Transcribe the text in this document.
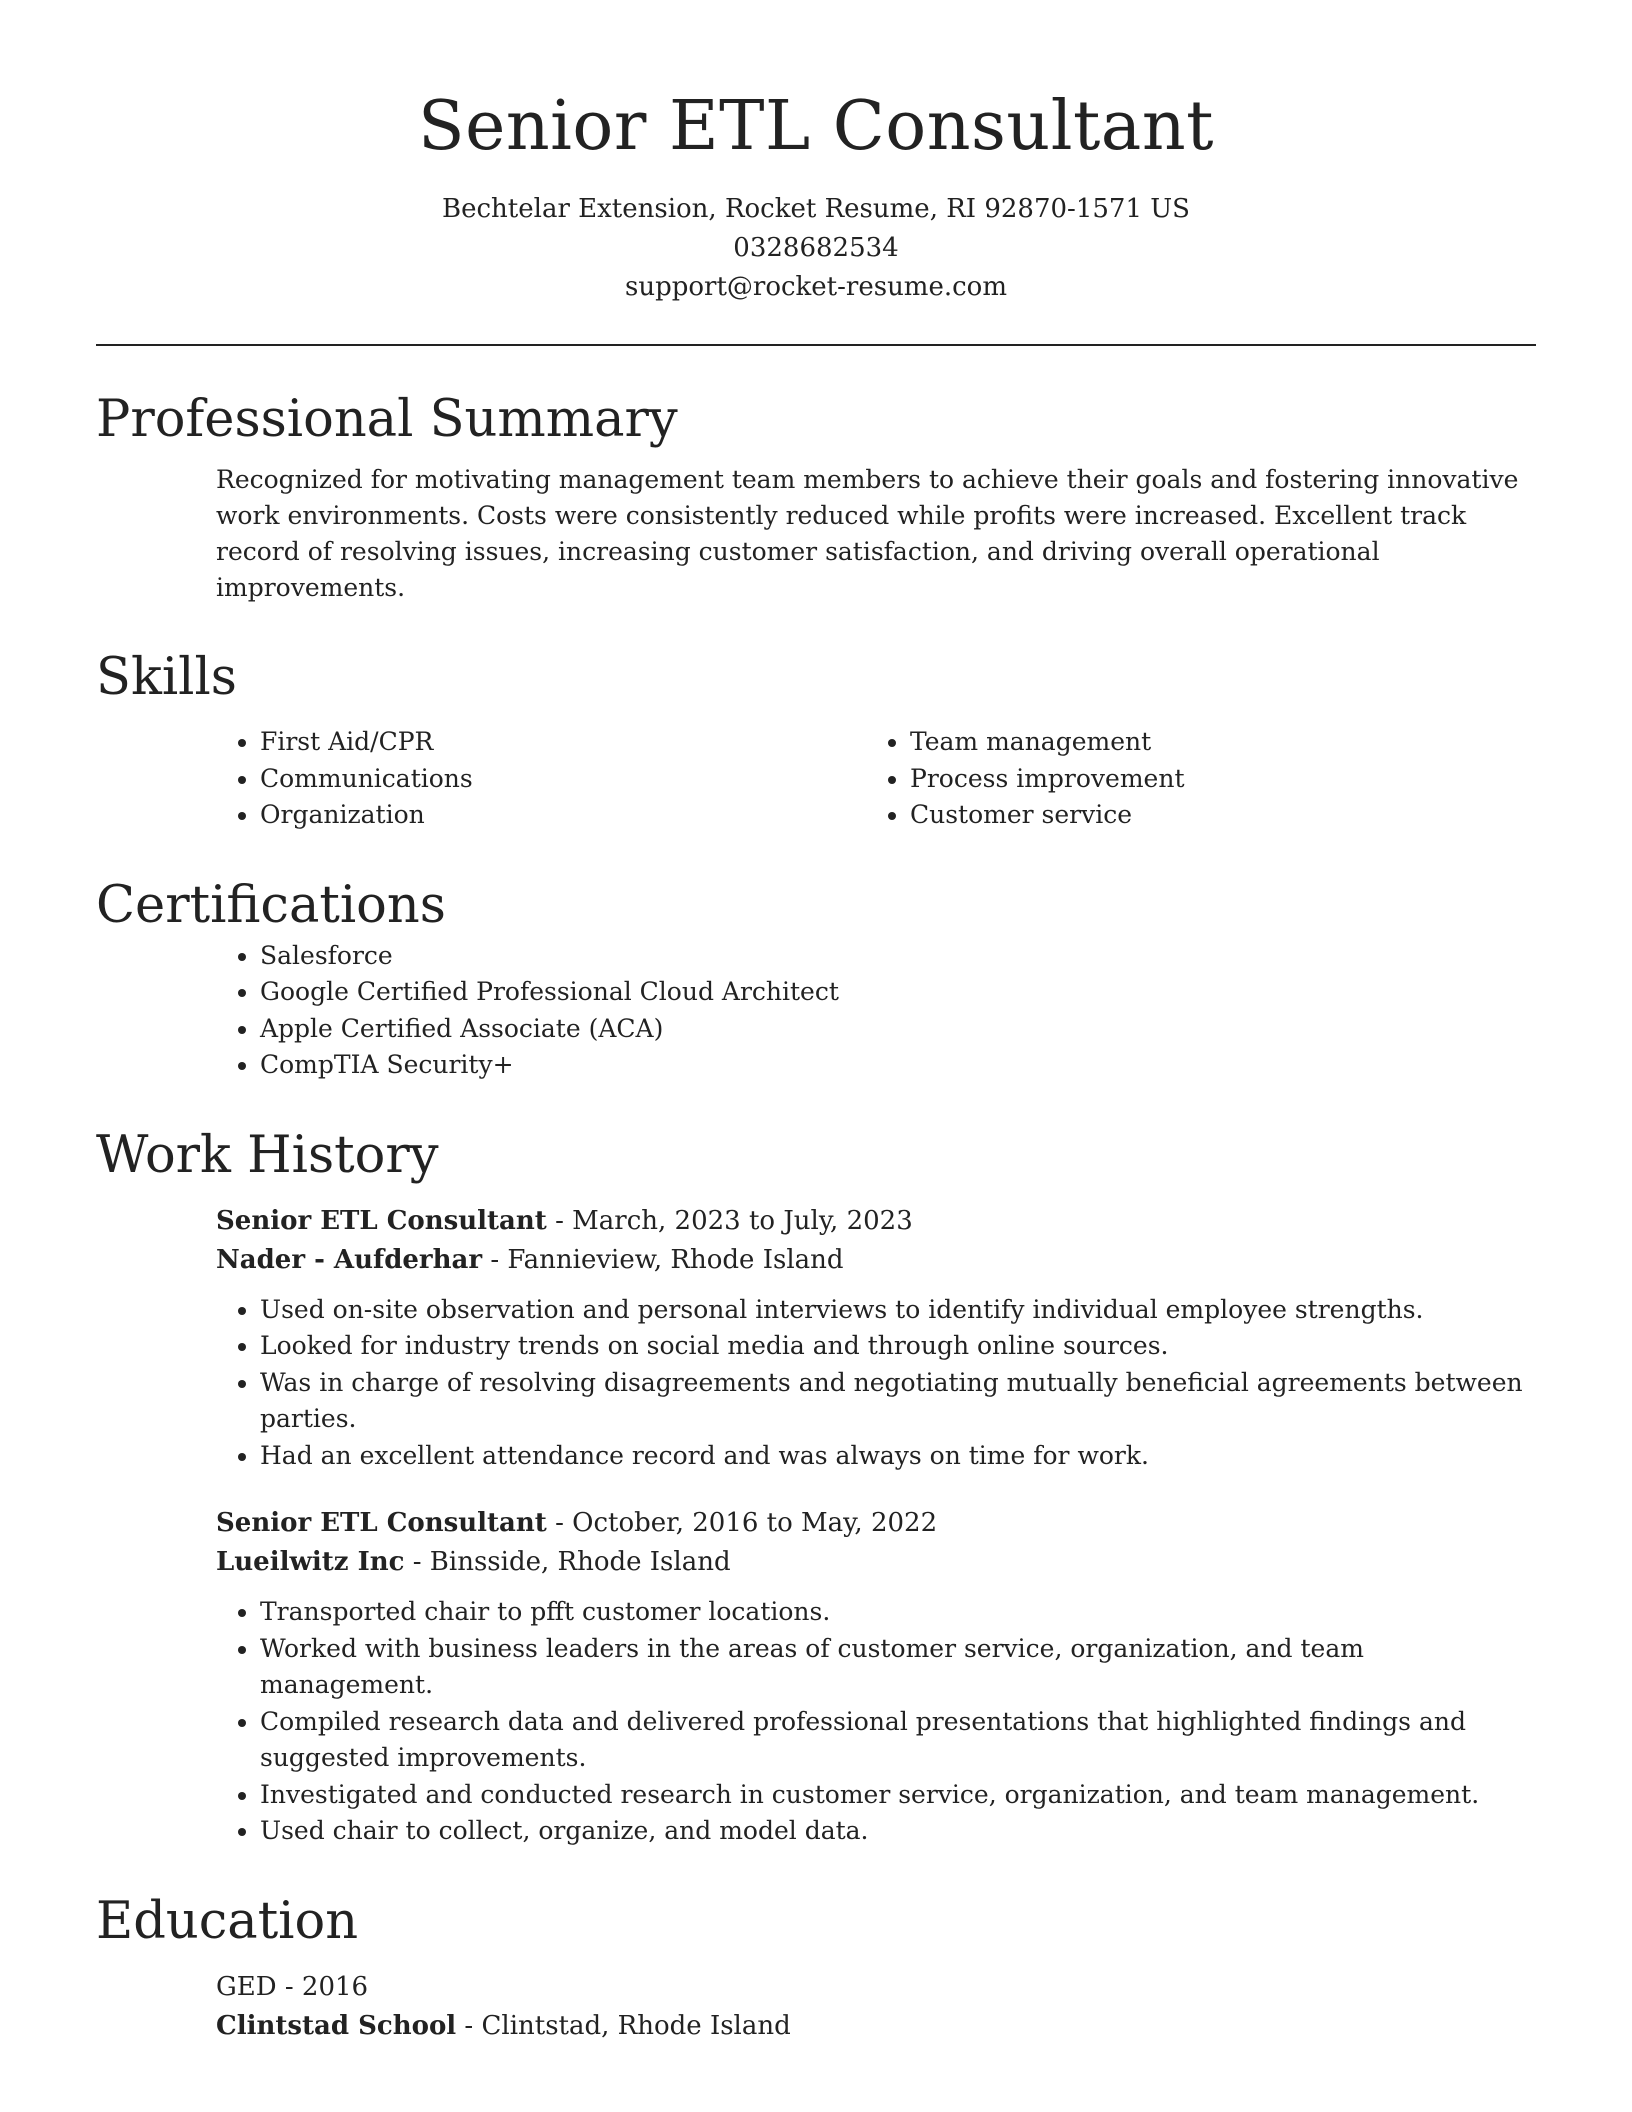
Senior ETL Consultant
Bechtelar Extension, Rocket Resume, RI 92870-1571 US
0328682534
support@rocket-resume.com
Professional Summary
Recognized for motivating management team members to achieve their goals and fostering innovative work environments. Costs were consistently reduced while profits were increased. Excellent track record of resolving issues, increasing customer satisfaction, and driving overall operational improvements.
Skills
• First Aid/CPR
• Communications
• Organization
• Team management
• Process improvement
• Customer service
Certifications
• Salesforce
• Google Certified Professional Cloud Architect
• Apple Certified Associate (ACA)
• CompTIA Security+
Work History
Senior ETL Consultant - March, 2023 to July, 2023
Nader - Aufderhar - Fannieview, Rhode Island
• Used on-site observation and personal interviews to identify individual employee strengths.
• Looked for industry trends on social media and through online sources.
• Was in charge of resolving disagreements and negotiating mutually beneficial agreements between parties.
• Had an excellent attendance record and was always on time for work.
Senior ETL Consultant - October, 2016 to May, 2022
Lueilwitz Inc - Binsside, Rhode Island
• Transported chair to pfft customer locations.
• Worked with business leaders in the areas of customer service, organization, and team management.
• Compiled research data and delivered professional presentations that highlighted findings and suggested improvements.
• Investigated and conducted research in customer service, organization, and team management.
• Used chair to collect, organize, and model data.
Education
GED - 2016
Clintstad School - Clintstad, Rhode Island
